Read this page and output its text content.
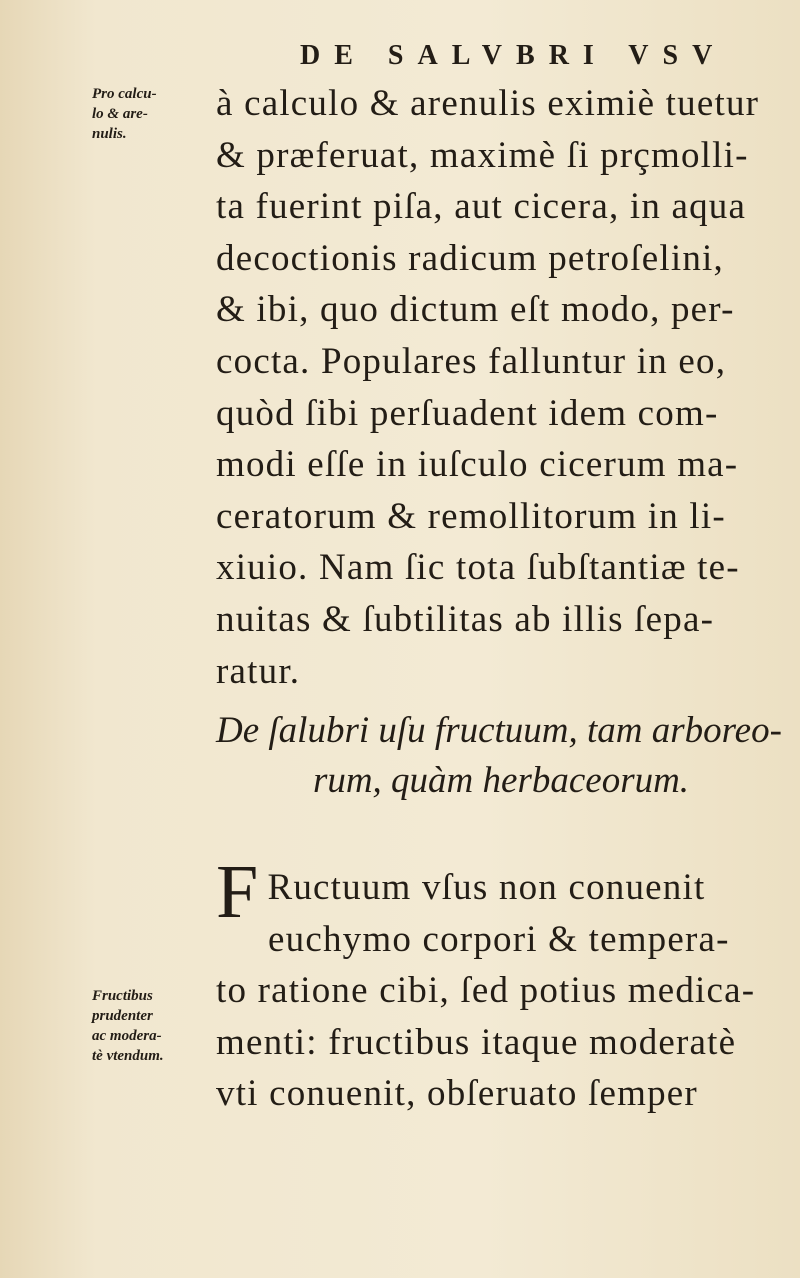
DE SALVBRI VSV
Pro calcu-
lo & are-
nulis.
à calculo & arenulis eximiè tuetur
& præferuat, maximè ſi prçmolli-
ta fuerint piſa, aut cicera, in aqua
decoctionis radicum petroſelini,
& ibi, quo dictum eſt modo, per-
cocta. Populares falluntur in eo,
quòd ſibi perſuadent idem com-
modi eſſe in iuſculo cicerum ma-
ceratorum & remollitorum in li-
xiuio. Nam ſic tota ſubſtantiæ te-
nuitas & ſubtilitas ab illis ſepa-
ratur.
De ſalubri uſu fructuum, tam arboreo-
rum, quàm herbaceorum.
F Ructuum vſus non conuenit
euchymo corpori & tempera-
to ratione cibi, ſed potius medica-
menti: fructibus itaque moderatè
vti conuenit, obſeruato ſemper
Fructibus
prudenter
ac modera-
tè vtendum.
